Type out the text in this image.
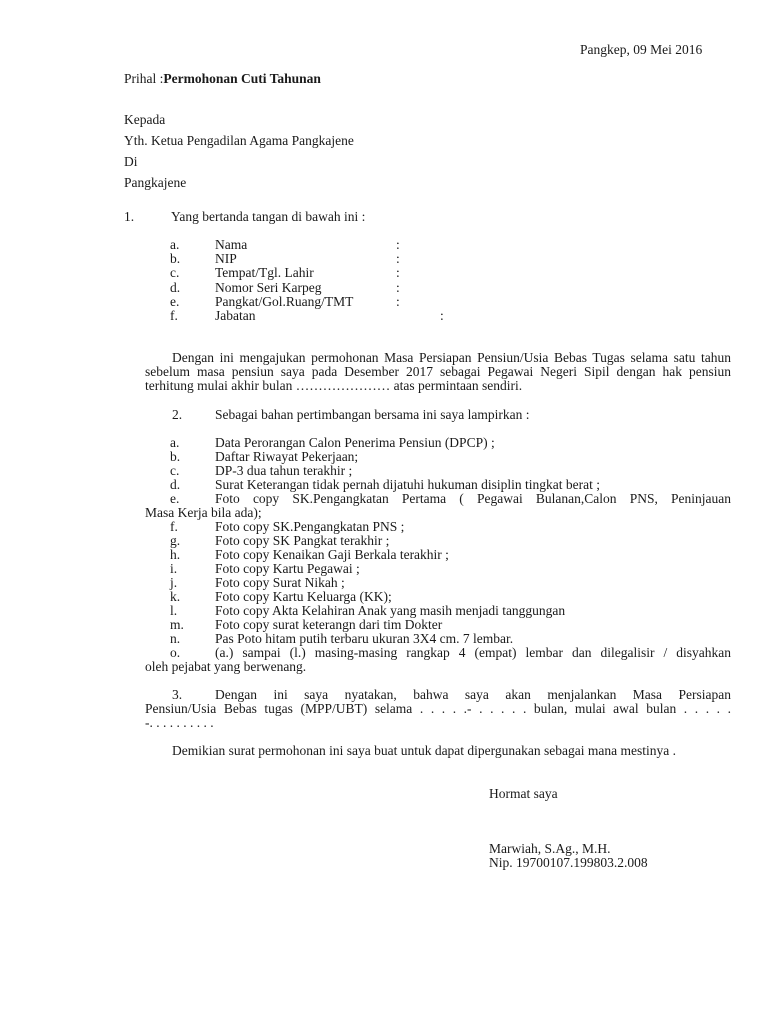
Pangkep, 09 Mei 2016
Prihal :Permohonan Cuti Tahunan
Kepada
Yth. Ketua Pengadilan Agama Pangkajene
Di
Pangkajene
1.	Yang bertanda tangan di bawah ini :
a.	Nama	:
b.	NIP	:
c.	Tempat/Tgl. Lahir	:
d.	Nomor Seri Karpeg	:
e.	Pangkat/Gol.Ruang/TMT	:
f.	Jabatan	:
Dengan ini mengajukan permohonan Masa Persiapan Pensiun/Usia Bebas Tugas selama satu tahun sebelum masa pensiun saya pada Desember 2017 sebagai Pegawai Negeri Sipil dengan hak pensiun terhitung mulai akhir bulan ………………… atas permintaan sendiri.
2. Sebagai bahan pertimbangan bersama ini saya lampirkan :
a.	Data Perorangan Calon Penerima Pensiun (DPCP) ;
b.	Daftar Riwayat Pekerjaan;
c.	DP-3 dua tahun terakhir ;
d.	Surat Keterangan tidak pernah dijatuhi hukuman disiplin tingkat berat ;
e.	Foto copy SK.Pengangkatan Pertama ( Pegawai Bulanan,Calon PNS, Peninjauan
Masa Kerja bila ada);
f.	Foto copy SK.Pengangkatan PNS ;
g.	Foto copy SK Pangkat terakhir ;
h.	Foto copy Kenaikan Gaji Berkala terakhir ;
i.	Foto copy Kartu Pegawai ;
j.	Foto copy Surat Nikah ;
k.	Foto copy Kartu Keluarga (KK);
l.	Foto copy Akta Kelahiran Anak yang masih menjadi tanggungan
m. Foto copy surat keterangn dari tim Dokter
n.	Pas Poto hitam putih terbaru ukuran 3X4 cm. 7 lembar.
o.	(a.) sampai (l.) masing-masing rangkap 4 (empat) lembar dan dilegalisir / disyahkan
oleh pejabat yang berwenang.
3. Dengan ini saya nyatakan, bahwa saya akan menjalankan Masa Persiapan
Pensiun/Usia Bebas tugas (MPP/UBT) selama . . . . .- . . . . . bulan, mulai awal bulan . . . . .
-. . . . . . . . . .
Demikian surat permohonan ini saya buat untuk dapat dipergunakan sebagai mana mestinya .
Hormat saya
Marwiah, S.Ag., M.H.
Nip. 19700107.199803.2.008
